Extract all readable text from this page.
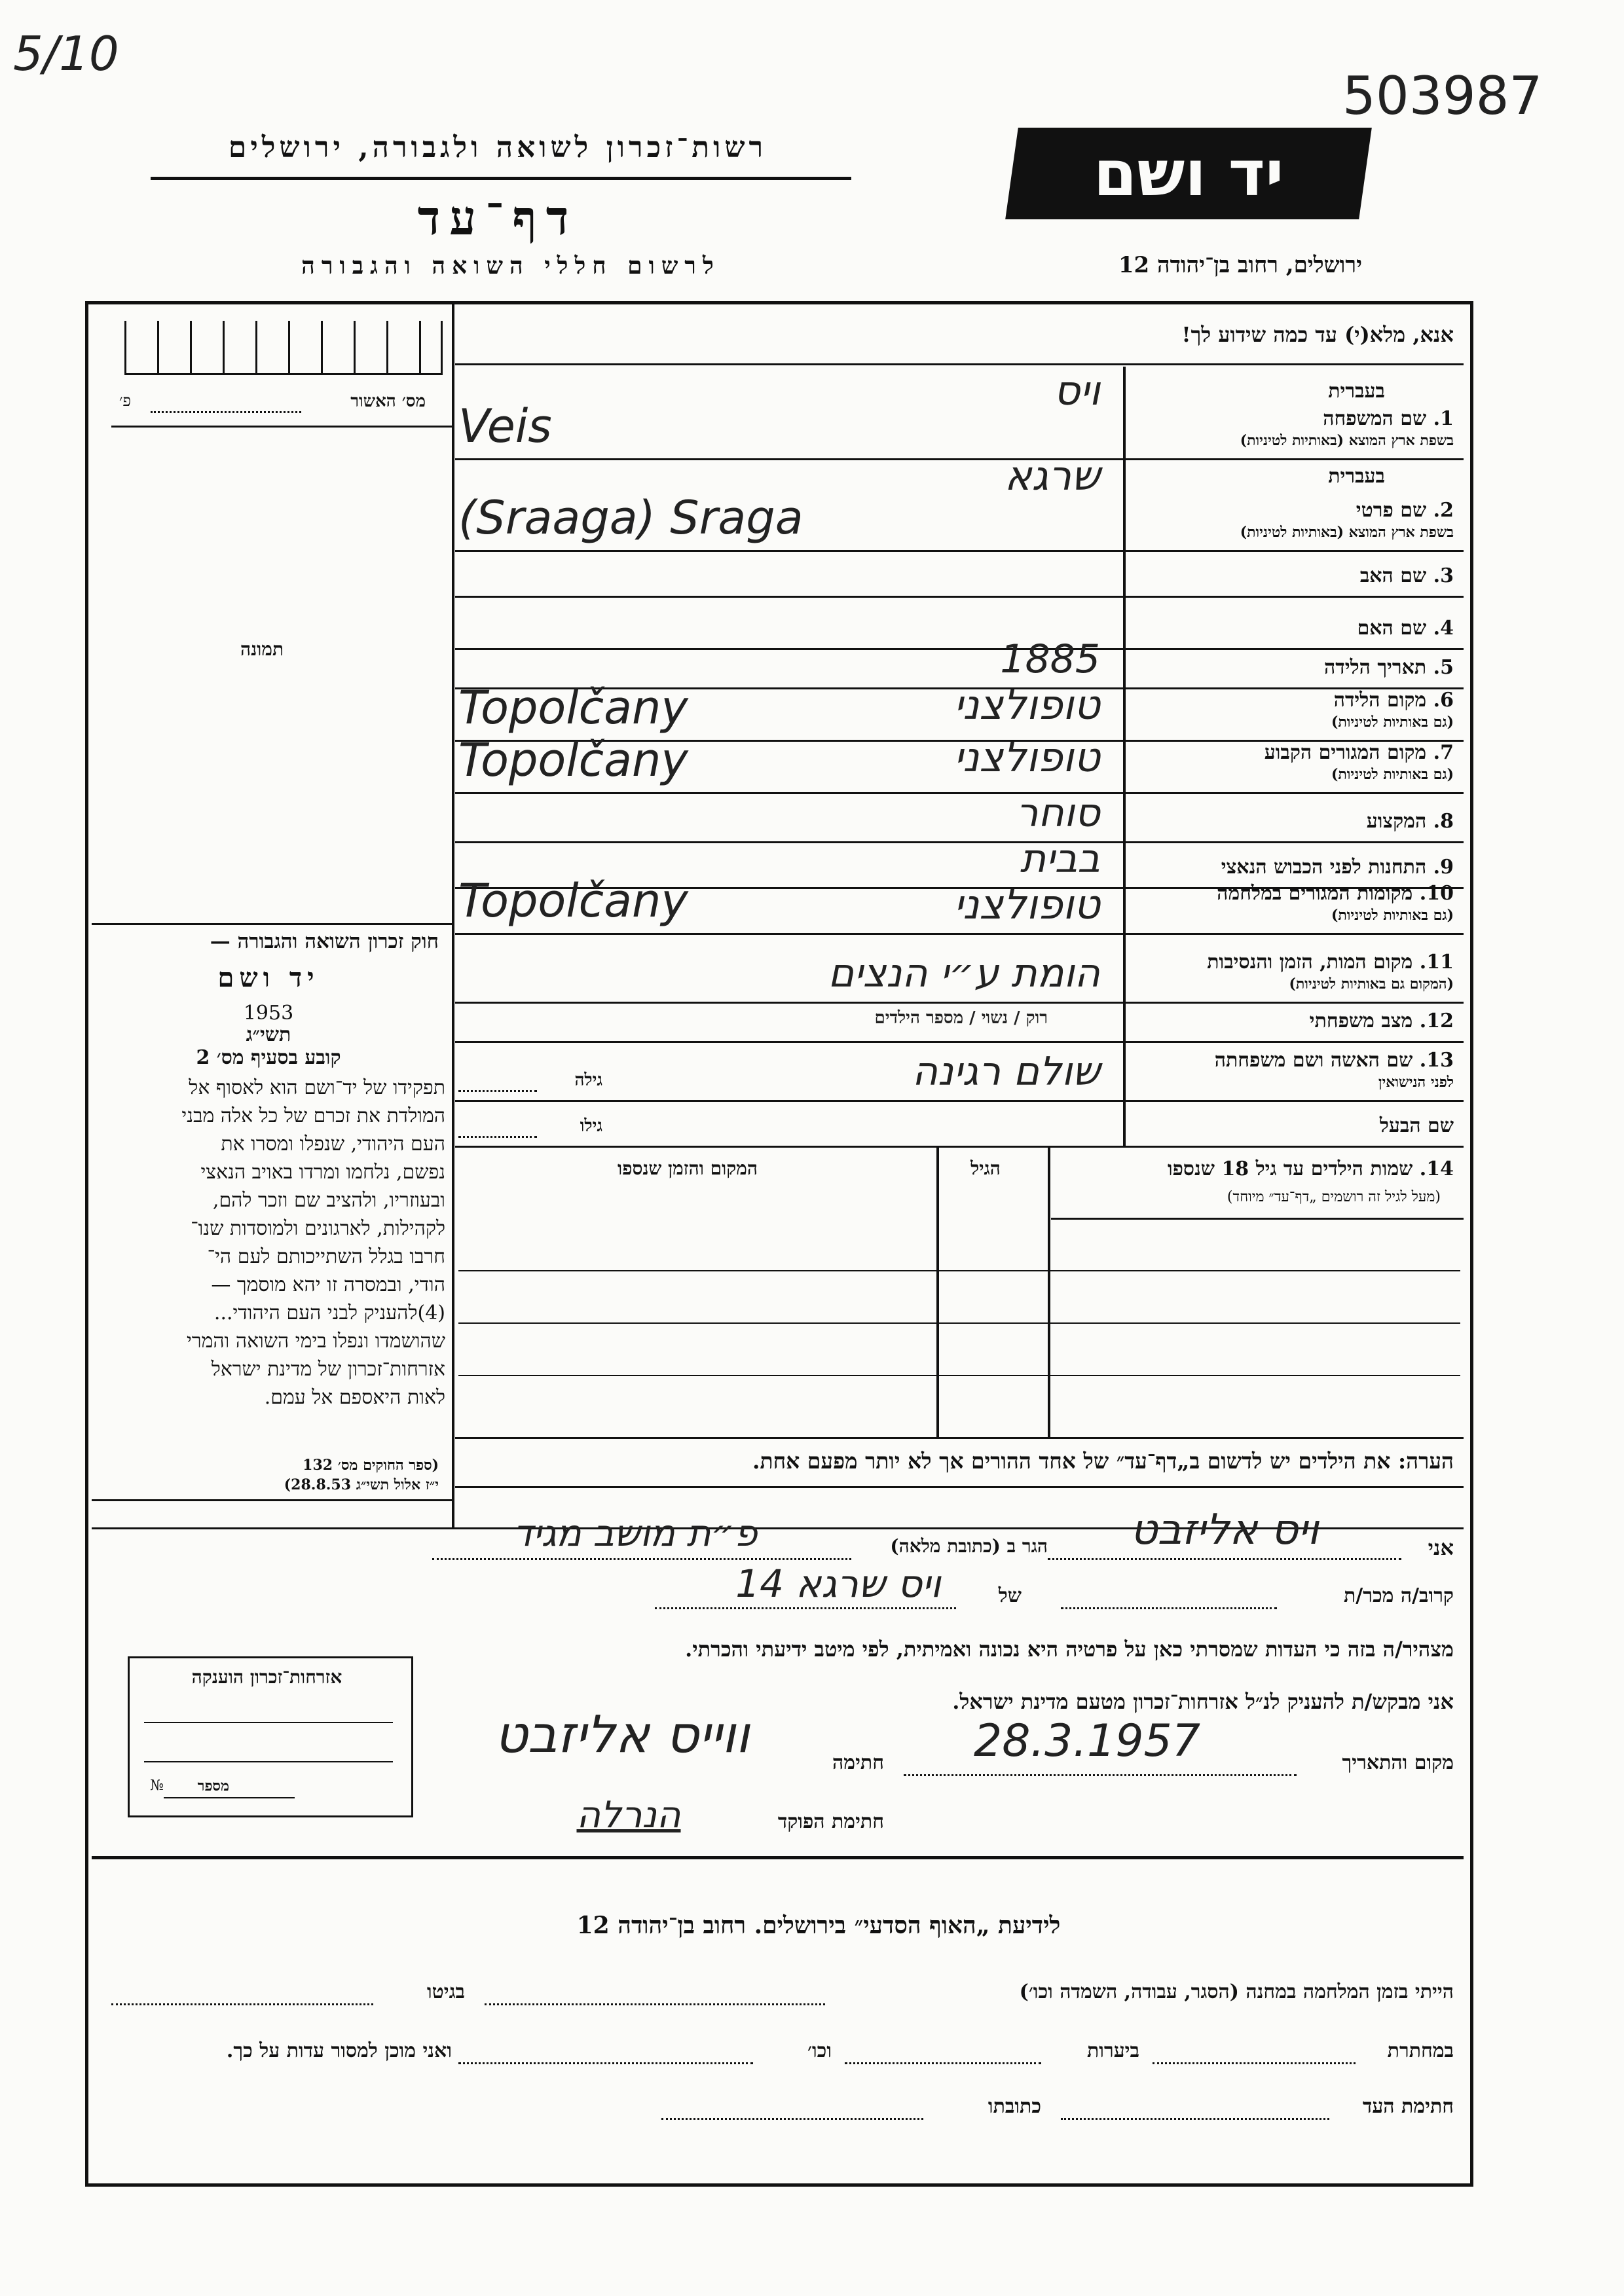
5/10
503987
רשות־זכרון לשואה ולגבורה, ירושלים
דף־עד
לרשום חללי השואה והגבורה
יד ושם
ירושלים, רחוב בן־יהודה 12
אנא, מלא(י) עד כמה שידוע לך!
מס׳ האשור
פ׳
תמונה
חוק זכרון השואה והגבורה —
יד ושם
1953
תשי״ג
קובע בסעיף מס׳ 2
תפקידו של יד־ושם הוא לאסוף אל
המולדת את זכרם של כל אלה מבני
העם היהודי, שנפלו ומסרו את
נפשם, נלחמו ומרדו באויב הנאצי
ובעוזריו, ולהציב שם וזכר להם,
לקהילות, לארגונים ולמוסדות שנו־
חרבו בגלל השתייכותם לעם הי־
הודי, ובמסרה זו יהא מוסמך —
(4)להעניק לבני העם היהודי...
שהושמדו ונפלו בימי השואה והמרי
אזרחות־זכרון של מדינת ישראל
לאות היאספם אל עמם.
(ספר החוקים מס׳ 132
י״ז אלול תשי״ג 28.8.53)
1. שם המשפחה
בשפת ארץ המוצא (באותיות לטיניות)
בעברית
ויס
Veis
2. שם פרטי
בשפת ארץ המוצא (באותיות לטיניות)
בעברית
שרגא
(Sraaga) Sraga
3. שם האב
4. שם האם
5. תאריך הלידה
1885
6. מקום הלידה
(גם באותיות לטיניות)
טופולצני
Topolčany
7. מקום המגורים הקבוע
(גם באותיות לטיניות)
טופולצני
Topolčany
8. המקצוע
סוחר
9. התחנות לפני הכבוש הנאצי
בבית
10. מקומות המגורים במלחמה
(גם באותיות לטיניות)
טופולצני
Topolčany
11. מקום המות, הזמן והנסיבות
(המקום גם באותיות לטיניות)
הומת ע״י הנצים
12. מצב משפחתי
רוק / נשוי / מספר הילדים
13. שם האשה ושם משפחתה
לפני הנישואין
שולם רגינה
גילה
שם הבעל
גילו
14. שמות הילדים עד גיל 18 שנספו
(מעל לגיל זה רושמים „דף־עד״ מיוחד)
הגיל
המקום והזמן שנספו
הערה: את הילדים יש לדשום ב„דף־עד״ של אחד ההורים אך לא יותר מפעם אחת.
אני
ויס אליזבט
הגר ב (כתובת מלאה)
פ״ת מושב מגיד
קרוב/ה מכר/ת
של
ויס שרגא 14
מצהיר/ה בזה כי העדות שמסרתי כאן על פרטיה היא נכונה ואמיתית, לפי מיטב ידיעתי והכרתי.
אני מבקש/ת להעניק לנ״ל אזרחות־זכרון מטעם מדינת ישראל.
מקום והתאריך
28.3.1957
חתימה
ווייס אליזבט
חתימת הפוקד
הנרלה
אזרחות־זכרון הוענקה
מספר
№
לידיעת „האוף הסדעי״ בירושלים. רחוב בן־יהודה 12
הייתי בזמן המלחמה במחנה (הסגר, עבודה, השמדה וכו׳)
בגיטו
במחתרת
ביערות
וכו׳
ואני מוכן למסור עדות על כך.
חתימת העד
כתובתו
